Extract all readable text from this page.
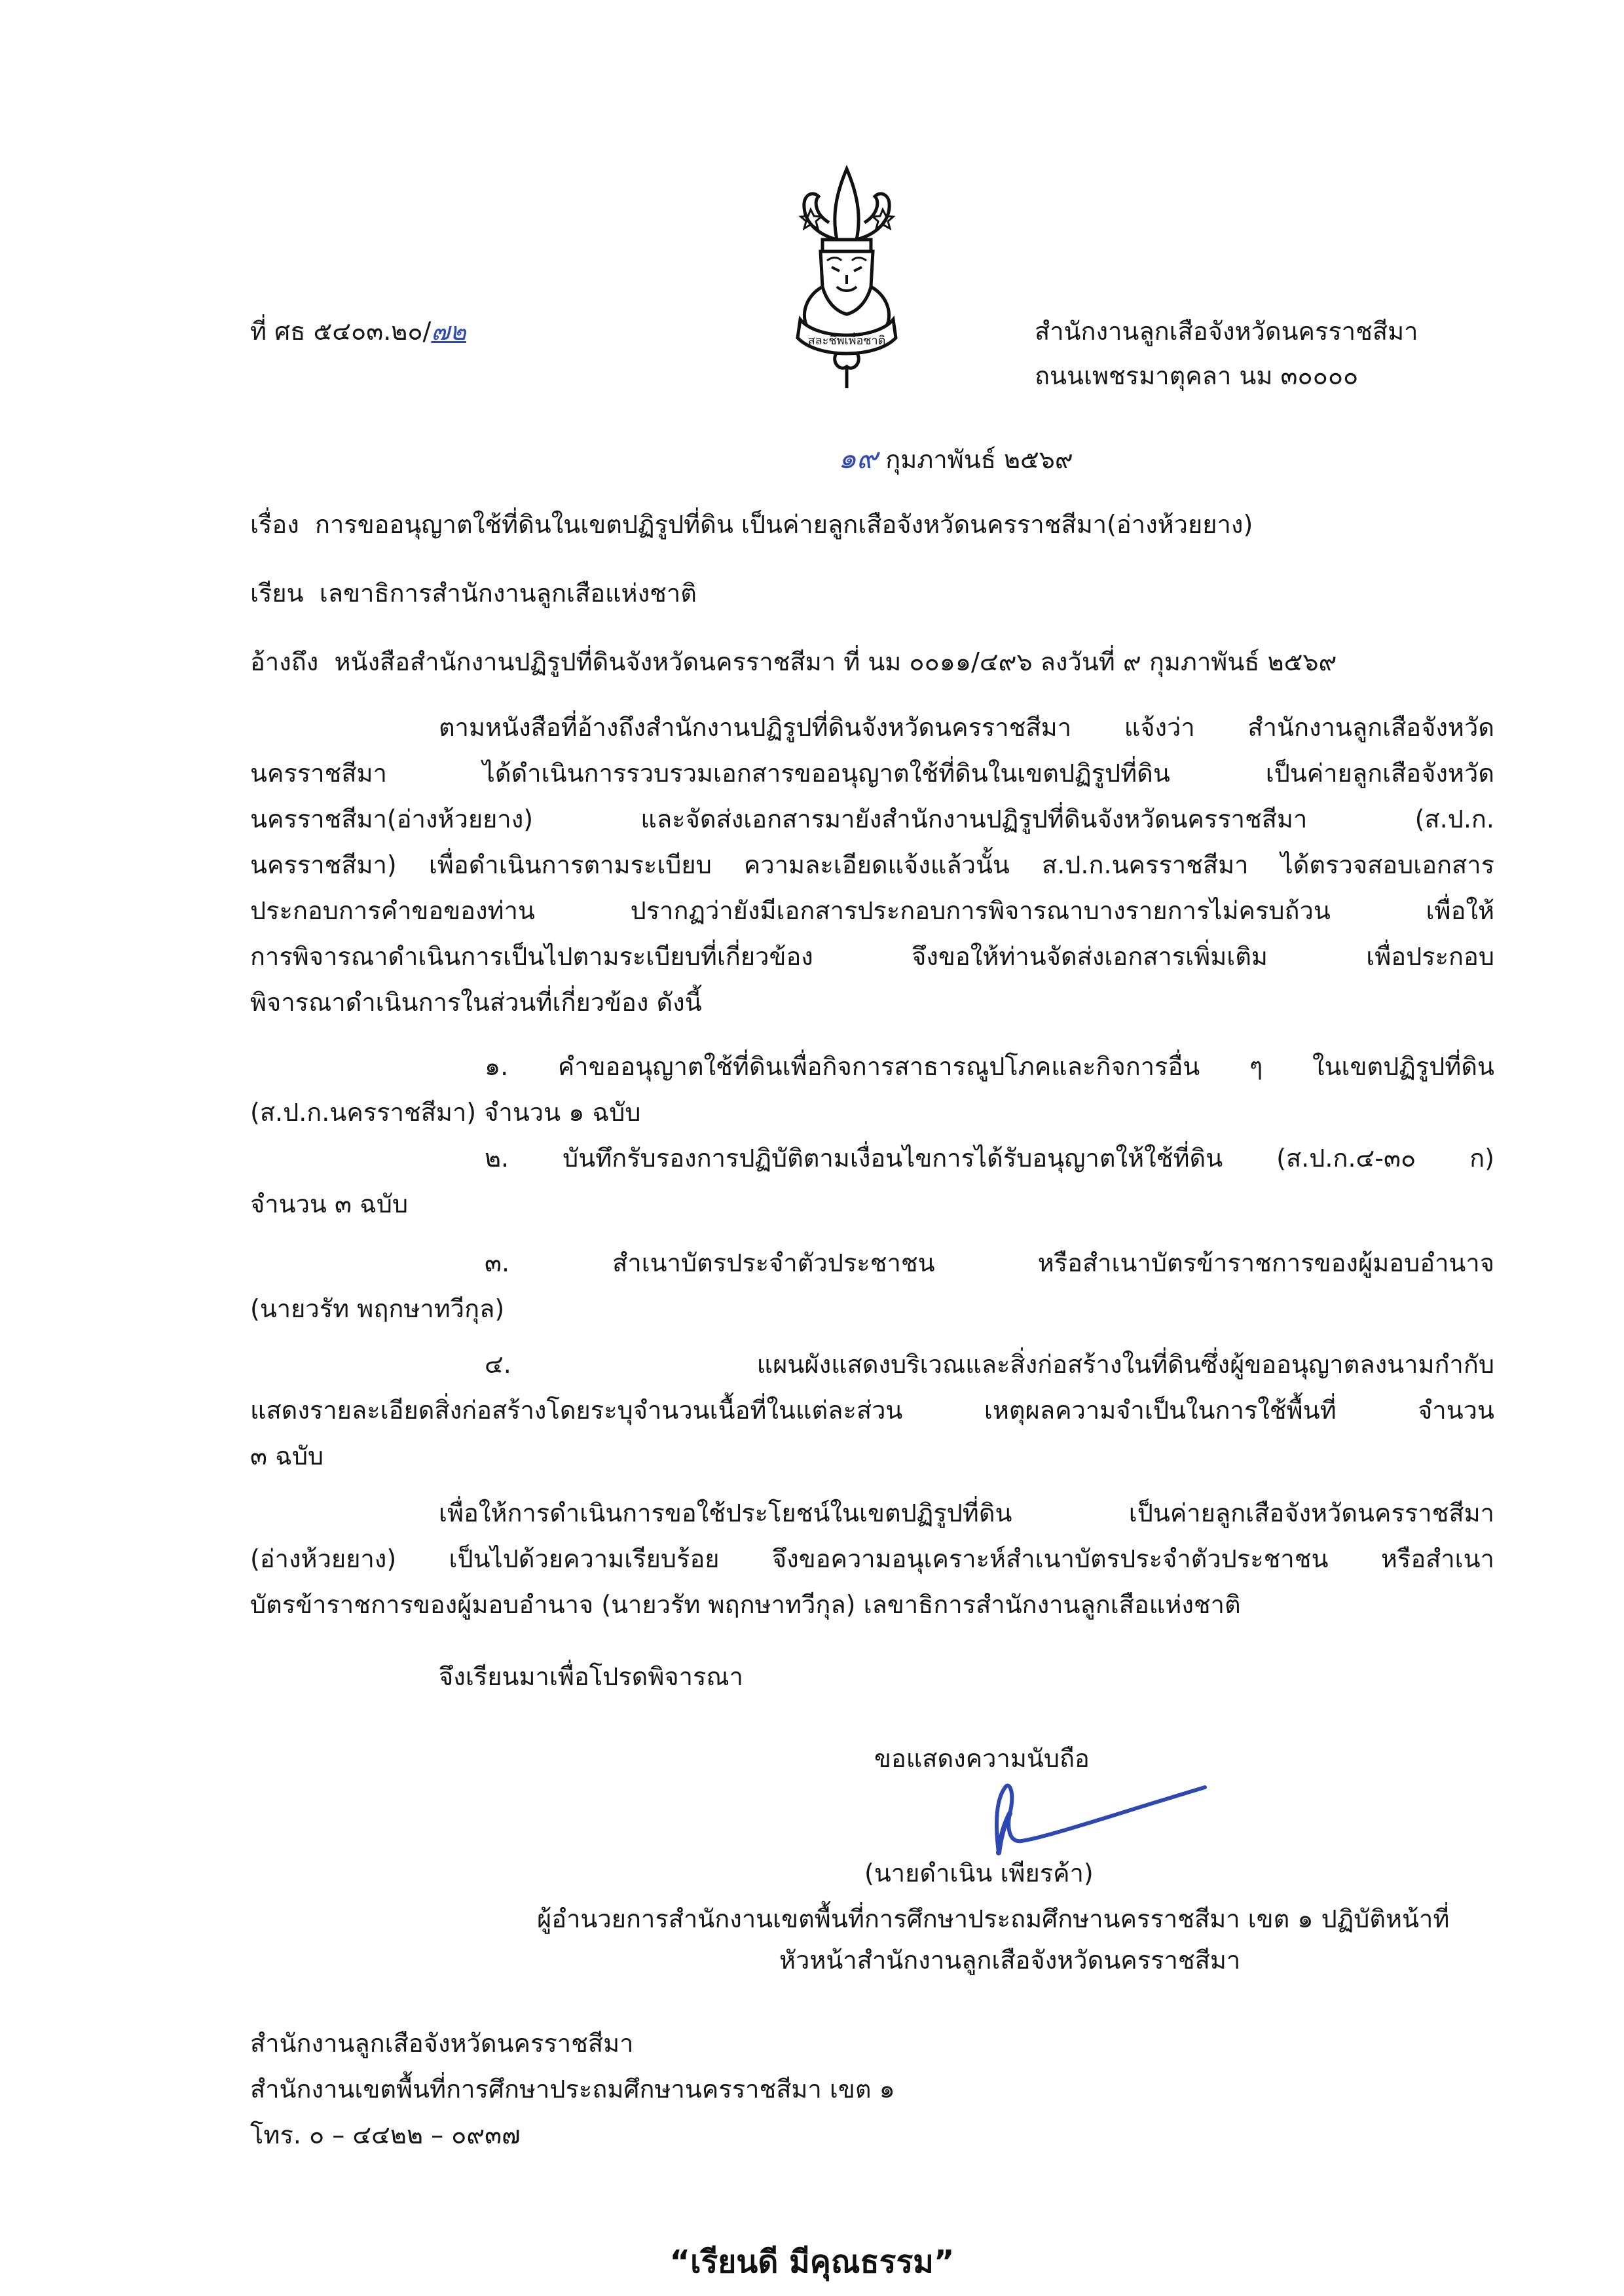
สละชีพเพื่อชาติ
ที่ ศธ ๕๔๐๓.๒๐/๗๒	สำนักงานลูกเสือจังหวัดนครราชสีมา
ถนนเพชรมาตุคลา นม ๓๐๐๐๐
๑๙ กุมภาพันธ์ ๒๕๖๙
เรื่อง การขออนุญาตใช้ที่ดินในเขตปฏิรูปที่ดิน เป็นค่ายลูกเสือจังหวัดนครราชสีมา(อ่างห้วยยาง)
เรียน เลขาธิการสำนักงานลูกเสือแห่งชาติ
อ้างถึง หนังสือสำนักงานปฏิรูปที่ดินจังหวัดนครราชสีมา ที่ นม ๐๐๑๑/๔๙๖ ลงวันที่ ๙ กุมภาพันธ์ ๒๕๖๙
ตามหนังสือที่อ้างถึงสำนักงานปฏิรูปที่ดินจังหวัดนครราชสีมา แจ้งว่า สำนักงานลูกเสือจังหวัด
นครราชสีมา ได้ดำเนินการรวบรวมเอกสารขออนุญาตใช้ที่ดินในเขตปฏิรูปที่ดิน เป็นค่ายลูกเสือจังหวัด
นครราชสีมา(อ่างห้วยยาง) และจัดส่งเอกสารมายังสำนักงานปฏิรูปที่ดินจังหวัดนครราชสีมา (ส.ป.ก.
นครราชสีมา) เพื่อดำเนินการตามระเบียบ ความละเอียดแจ้งแล้วนั้น ส.ป.ก.นครราชสีมา ได้ตรวจสอบเอกสาร
ประกอบการคำขอของท่าน ปรากฏว่ายังมีเอกสารประกอบการพิจารณาบางรายการไม่ครบถ้วน เพื่อให้
การพิจารณาดำเนินการเป็นไปตามระเบียบที่เกี่ยวข้อง จึงขอให้ท่านจัดส่งเอกสารเพิ่มเติม เพื่อประกอบ
พิจารณาดำเนินการในส่วนที่เกี่ยวข้อง ดังนี้
๑. คำขออนุญาตใช้ที่ดินเพื่อกิจการสาธารณูปโภคและกิจการอื่น ๆ ในเขตปฏิรูปที่ดิน
(ส.ป.ก.นครราชสีมา) จำนวน ๑ ฉบับ
๒. บันทึกรับรองการปฏิบัติตามเงื่อนไขการได้รับอนุญาตให้ใช้ที่ดิน (ส.ป.ก.๔-๓๐ ก)
จำนวน ๓ ฉบับ
๓. สำเนาบัตรประจำตัวประชาชน หรือสำเนาบัตรข้าราชการของผู้มอบอำนาจ
(นายวรัท พฤกษาทวีกุล)
๔. แผนผังแสดงบริเวณและสิ่งก่อสร้างในที่ดินซึ่งผู้ขออนุญาตลงนามกำกับ
แสดงรายละเอียดสิ่งก่อสร้างโดยระบุจำนวนเนื้อที่ในแต่ละส่วน เหตุผลความจำเป็นในการใช้พื้นที่ จำนวน
๓ ฉบับ
เพื่อให้การดำเนินการขอใช้ประโยชน์ในเขตปฏิรูปที่ดิน เป็นค่ายลูกเสือจังหวัดนครราชสีมา
(อ่างห้วยยาง) เป็นไปด้วยความเรียบร้อย จึงขอความอนุเคราะห์สำเนาบัตรประจำตัวประชาชน หรือสำเนา
บัตรข้าราชการของผู้มอบอำนาจ (นายวรัท พฤกษาทวีกุล) เลขาธิการสำนักงานลูกเสือแห่งชาติ
จึงเรียนมาเพื่อโปรดพิจารณา
ขอแสดงความนับถือ
(นายดำเนิน เพียรค้า)
ผู้อำนวยการสำนักงานเขตพื้นที่การศึกษาประถมศึกษานครราชสีมา เขต ๑ ปฏิบัติหน้าที่
หัวหน้าสำนักงานลูกเสือจังหวัดนครราชสีมา
สำนักงานลูกเสือจังหวัดนครราชสีมา
สำนักงานเขตพื้นที่การศึกษาประถมศึกษานครราชสีมา เขต ๑
โทร. ๐ – ๔๔๒๒ – ๐๙๓๗
“เรียนดี มีคุณธรรม”
